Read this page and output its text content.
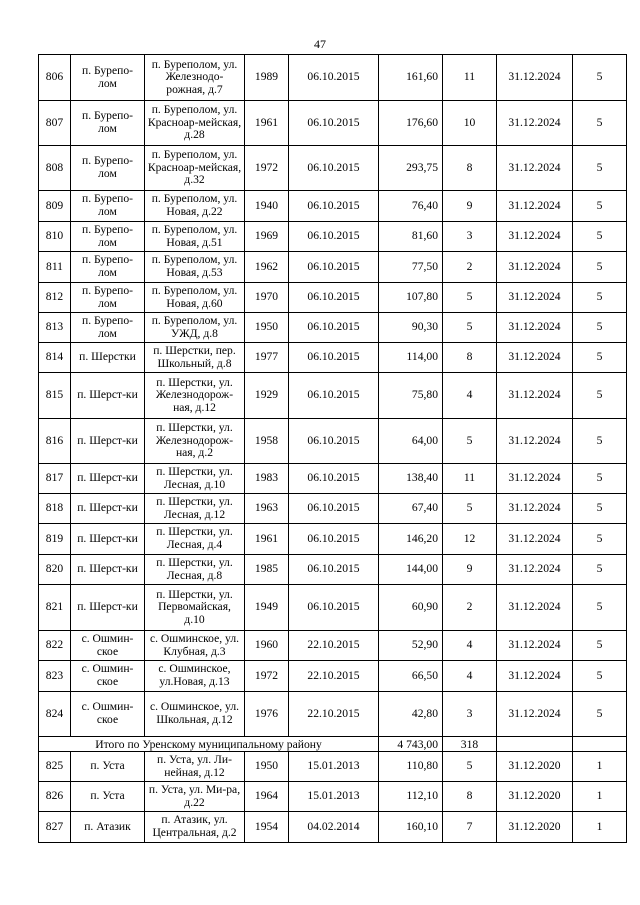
47
806	п. Бурепо-лом	п. Бурепoлом, ул. Железнодо-рожная, д.7	1989	06.10.2015	161,60	11	31.12.2024	5
807	п. Бурепо-лом	п. Бурепoлом, ул. Красноар-мейская, д.28	1961	06.10.2015	176,60	10	31.12.2024	5
808	п. Бурепо-лом	п. Бурепoлом, ул. Красноар-мейская, д.32	1972	06.10.2015	293,75	8	31.12.2024	5
809	п. Бурепо-лом	п. Бурепoлом, ул. Новая, д.22	1940	06.10.2015	76,40	9	31.12.2024	5
810	п. Бурепо-лом	п. Бурепoлом, ул. Новая, д.51	1969	06.10.2015	81,60	3	31.12.2024	5
811	п. Бурепо-лом	п. Бурепoлом, ул. Новая, д.53	1962	06.10.2015	77,50	2	31.12.2024	5
812	п. Бурепо-лом	п. Бурепoлом, ул. Новая, д.60	1970	06.10.2015	107,80	5	31.12.2024	5
813	п. Бурепо-лом	п. Бурепoлом, ул. УЖД, д.8	1950	06.10.2015	90,30	5	31.12.2024	5
814	п. Шерстки	п. Шерстки, пер. Школьный, д.8	1977	06.10.2015	114,00	8	31.12.2024	5
815	п. Шерст-ки	п. Шерстки, ул. Железнодорож-ная, д.12	1929	06.10.2015	75,80	4	31.12.2024	5
816	п. Шерст-ки	п. Шерстки, ул. Железнодорож-ная, д.2	1958	06.10.2015	64,00	5	31.12.2024	5
817	п. Шерст-ки	п. Шерстки, ул. Лесная, д.10	1983	06.10.2015	138,40	11	31.12.2024	5
818	п. Шерст-ки	п. Шерстки, ул. Лесная, д.12	1963	06.10.2015	67,40	5	31.12.2024	5
819	п. Шерст-ки	п. Шерстки, ул. Лесная, д.4	1961	06.10.2015	146,20	12	31.12.2024	5
820	п. Шерст-ки	п. Шерстки, ул. Лесная, д.8	1985	06.10.2015	144,00	9	31.12.2024	5
821	п. Шерст-ки	п. Шерстки, ул. Первомайская, д.10	1949	06.10.2015	60,90	2	31.12.2024	5
822	с. Ошмин-ское	с. Ошминское, ул. Клубная, д.3	1960	22.10.2015	52,90	4	31.12.2024	5
823	с. Ошмин-ское	с. Ошминское, ул.Новая, д.13	1972	22.10.2015	66,50	4	31.12.2024	5
824	с. Ошмин-ское	с. Ошминское, ул. Школьная, д.12	1976	22.10.2015	42,80	3	31.12.2024	5
Итого по Уренскому муниципальному району					4 743,00	318		
825	п. Уста	п. Уста, ул. Ли-нейная, д.12	1950	15.01.2013	110,80	5	31.12.2020	1
826	п. Уста	п. Уста, ул. Ми-ра, д.22	1964	15.01.2013	112,10	8	31.12.2020	1
827	п. Атазик	п. Атазик, ул. Центральная, д.2	1954	04.02.2014	160,10	7	31.12.2020	1
